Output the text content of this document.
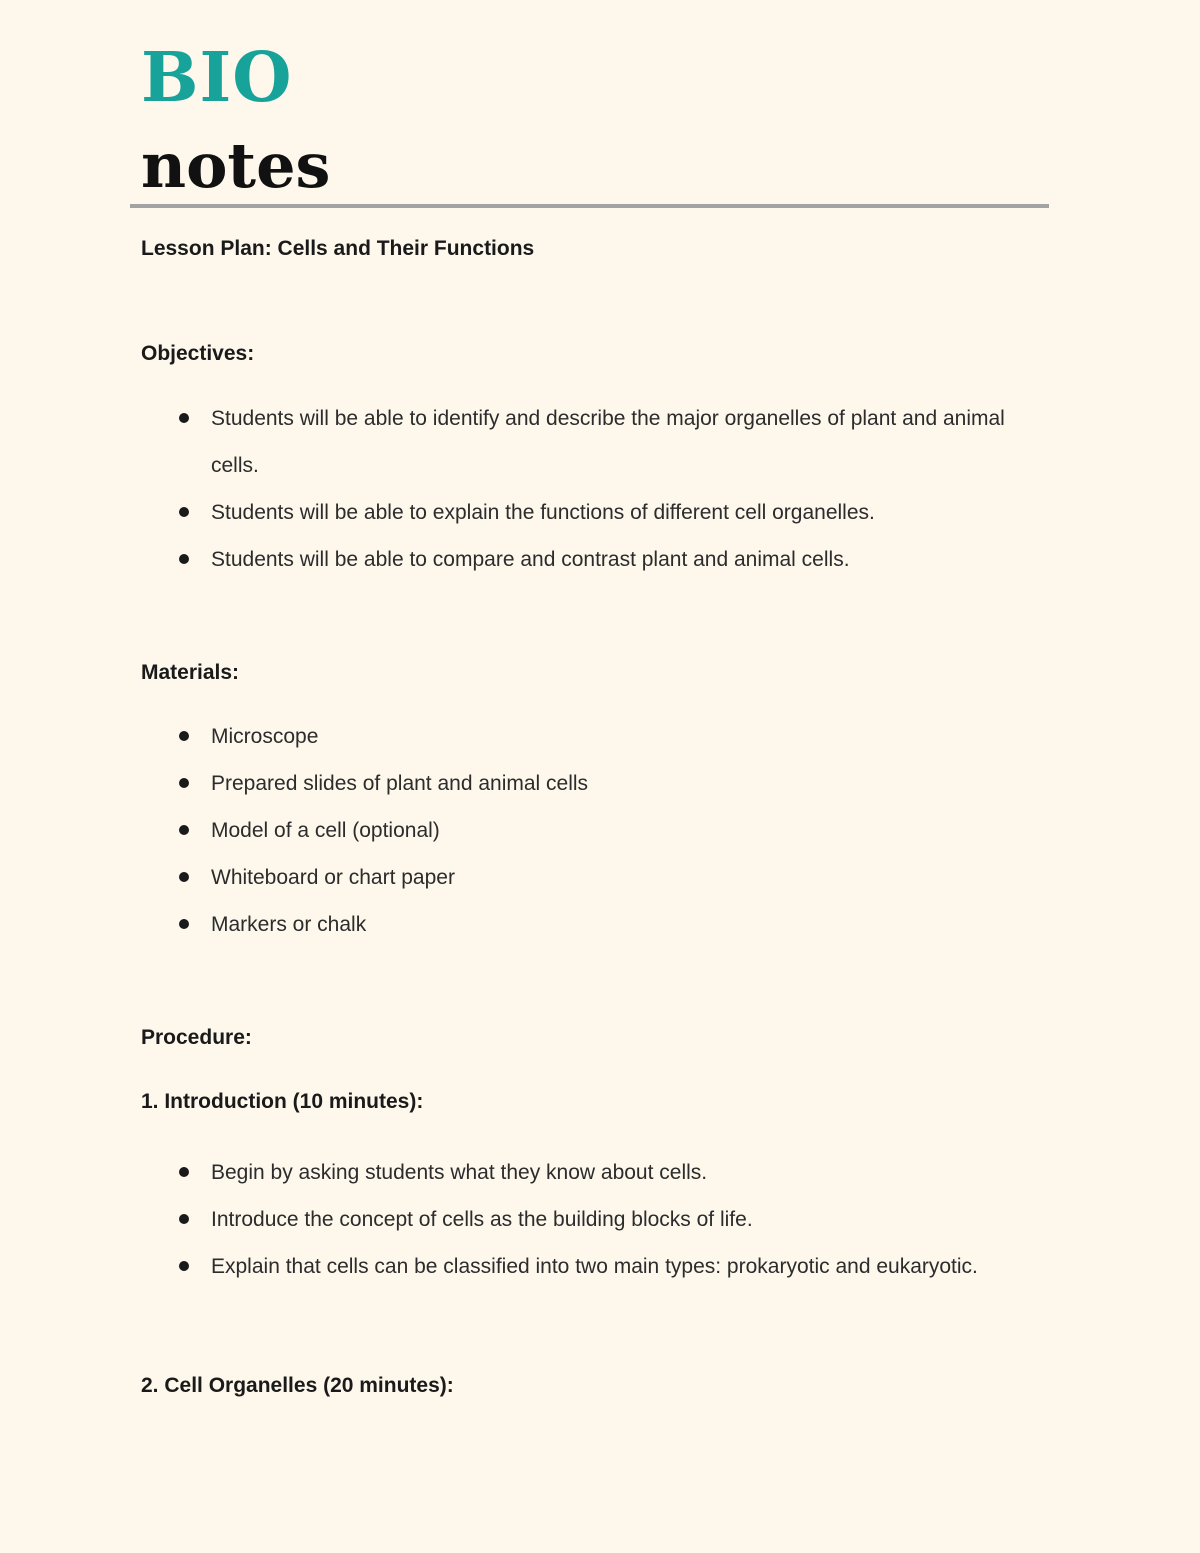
BIO
notes

Lesson Plan: Cells and Their Functions

Objectives:

Students will be able to identify and describe the major organelles of plant and animal cells.
Students will be able to explain the functions of different cell organelles.
Students will be able to compare and contrast plant and animal cells.

Materials:

Microscope
Prepared slides of plant and animal cells
Model of a cell (optional)
Whiteboard or chart paper
Markers or chalk

Procedure:

1. Introduction (10 minutes):

Begin by asking students what they know about cells.
Introduce the concept of cells as the building blocks of life.
Explain that cells can be classified into two main types: prokaryotic and eukaryotic.

2. Cell Organelles (20 minutes):
